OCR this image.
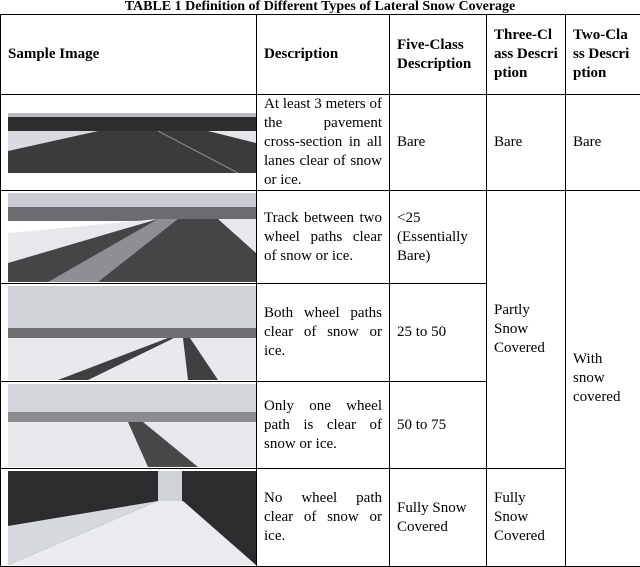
TABLE 1 Definition of Different Types of Lateral Snow Coverage
Sample Image	Description	Five-Class Description	Three-Class Description	Two-Class Description

	At least 3 meters of the pavement cross-section in all lanes clear of snow or ice.	Bare	Bare	Bare

	Track between two wheel paths clear of snow or ice.	<25 (Essentially Bare)	Partly Snow Covered	With snow covered

	Both wheel paths clear of snow or ice.	25 to 50		

	Only one wheel path is clear of snow or ice.	50 to 75		

	No wheel path clear of snow or ice.	Fully Snow Covered	Fully Snow Covered	
